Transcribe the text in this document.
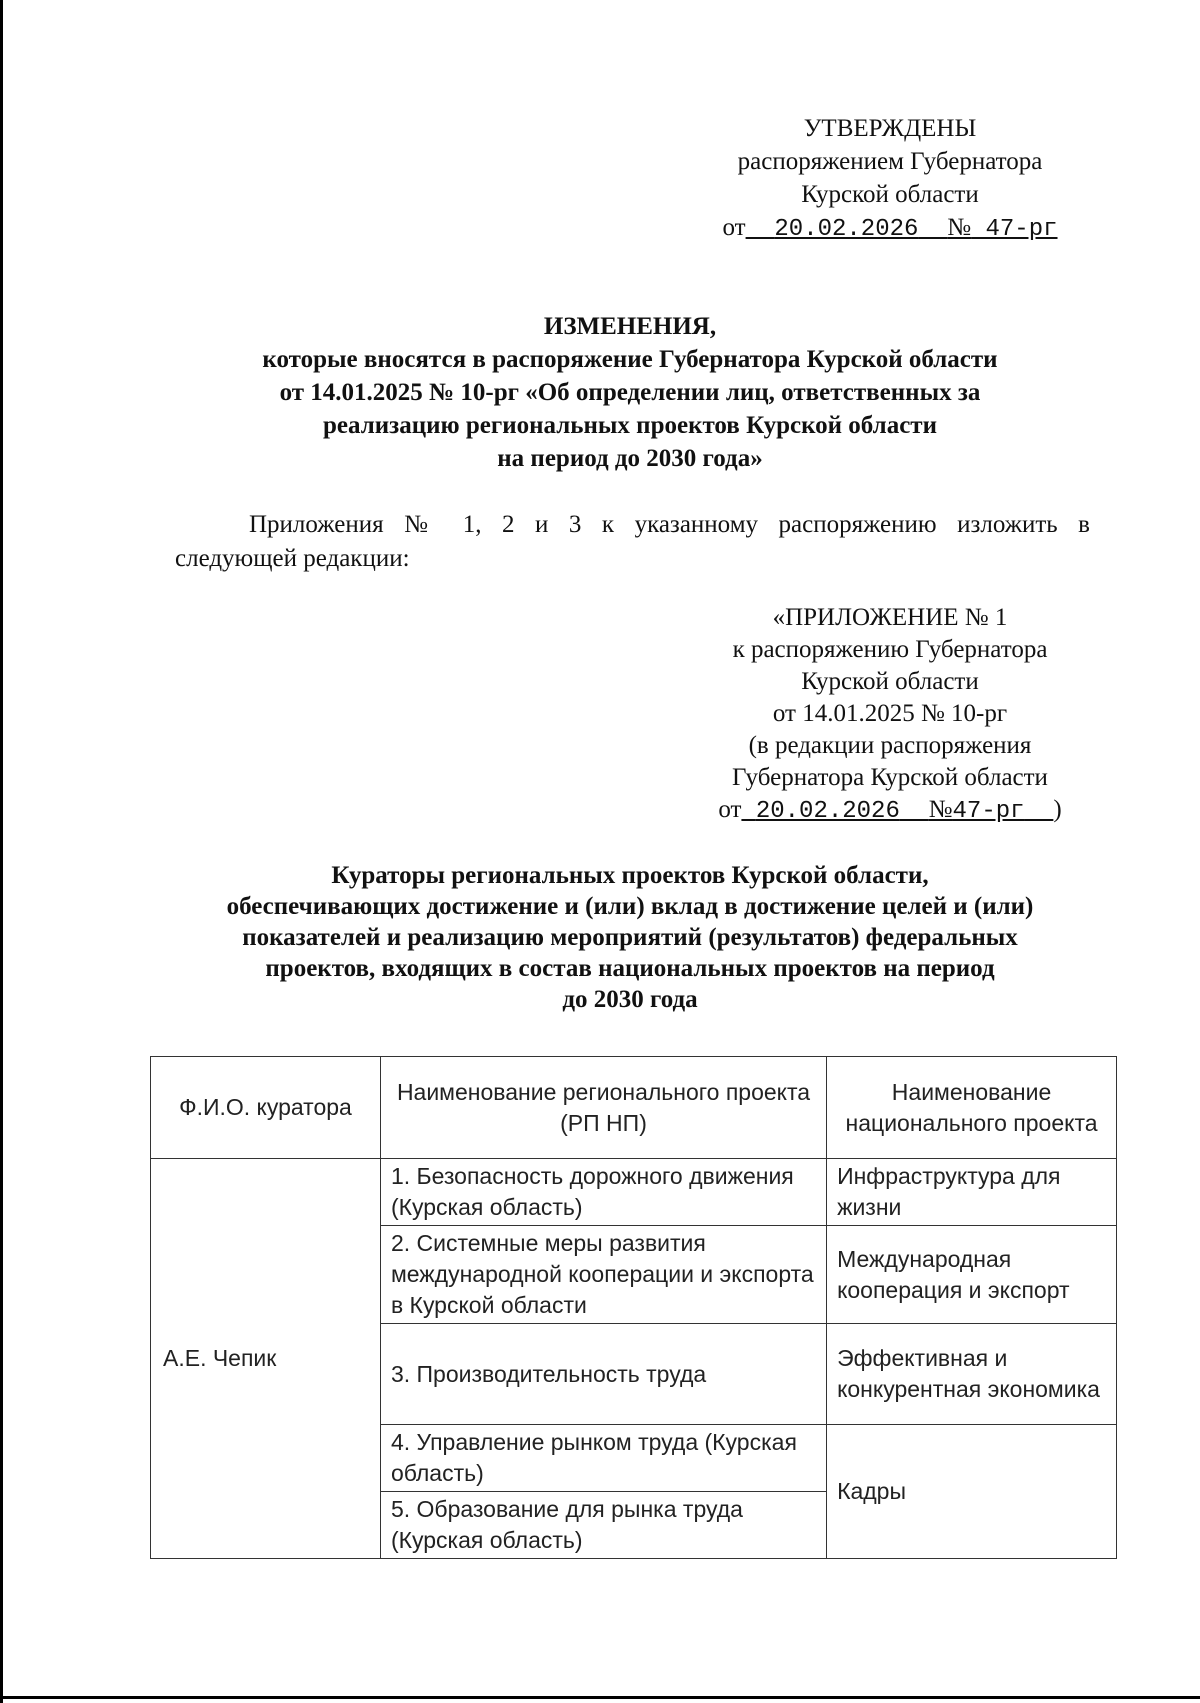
УТВЕРЖДЕНЫ
распоряжением Губернатора
Курской области
от 20.02.2026 № 47-рг
ИЗМЕНЕНИЯ,
которые вносятся в распоряжение Губернатора Курской области
от 14.01.2025 № 10-рг «Об определении лиц, ответственных за
реализацию региональных проектов Курской области
на период до 2030 года»
Приложения № 1, 2 и 3 к указанному распоряжению изложить в
следующей редакции:
«ПРИЛОЖЕНИЕ № 1
к распоряжению Губернатора
Курской области
от 14.01.2025 № 10-рг
(в редакции распоряжения
Губернатора Курской области
от 20.02.2026 №47-рг )
Кураторы региональных проектов Курской области,
обеспечивающих достижение и (или) вклад в достижение целей и (или)
показателей и реализацию мероприятий (результатов) федеральных
проектов, входящих в состав национальных проектов на период
до 2030 года
Ф.И.О. куратора	Наименование регионального проекта (РП НП)	Наименование национального проекта
А.Е. Чепик	1. Безопасность дорожного движения (Курская область)	Инфраструктура для жизни
	2. Системные меры развития международной кооперации и экспорта в Курской области	Международная кооперация и экспорт
	3. Производительность труда	Эффективная и конкурентная экономика
	4. Управление рынком труда (Курская область)	Кадры
	5. Образование для рынка труда (Курская область)	
